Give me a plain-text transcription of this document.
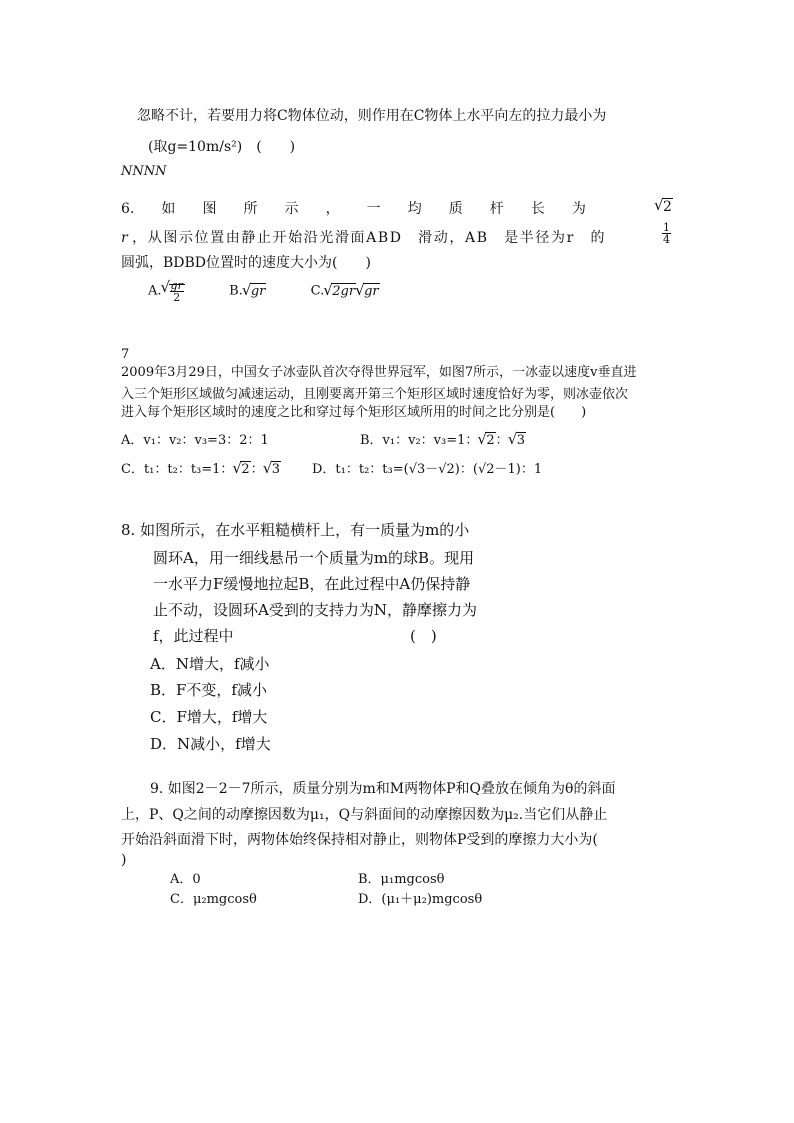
忽略不计，若要用力将C物体位动，则作用在C物体上水平向左的拉力最小为
(取g=10m/s²)　(　　)
NNNN
6. 如 图 所 示 ， 一 均 质 杆 长 为	√ 2
r ，从图示位置由静止开始沿光滑面ABD　滑动，AB　是半径为r　的	$\frac{1}{4}$
圆弧，BDBD位置时的速度大小为(　　)
A. √ $\frac{gr}{2}$	B. √ gr	C. √ 2gr √ gr
7
2009年3月29日，中国女子冰壶队首次夺得世界冠军，如图7所示，一冰壶以速度v垂直进
入三个矩形区域做匀减速运动，且刚要离开第三个矩形区域时速度恰好为零，则冰壶依次
进入每个矩形区域时的速度之比和穿过每个矩形区域所用的时间之比分别是(　　)
A．v₁：v₂：v₃=3：2：1	B．v₁：v₂：v₃=1： √ 2： √ 3
C．t₁：t₂：t₃=1： √ 2： √ 3 D．t₁：t₂：t₃=(√3－√2)：(√2－1)：1
8. 如图所示，在水平粗糙横杆上，有一质量为m的小
圆环A，用一细线悬吊一个质量为m的球B。现用
一水平力F缓慢地拉起B，在此过程中A仍保持静
止不动，设圆环A受到的支持力为N，静摩擦力为
f，此过程中	(　)
A．N增大，f减小
B．F不变，f减小
C．F增大，f增大
D．N减小，f增大
9. 如图2－2－7所示，质量分别为m和M两物体P和Q叠放在倾角为θ的斜面
上，P、Q之间的动摩擦因数为μ₁，Q与斜面间的动摩擦因数为μ₂.当它们从静止
开始沿斜面滑下时，两物体始终保持相对静止，则物体P受到的摩擦力大小为(
)
A．0	B．μ₁mgcosθ
C．μ₂mgcosθ	D．(μ₁＋μ₂)mgcosθ
